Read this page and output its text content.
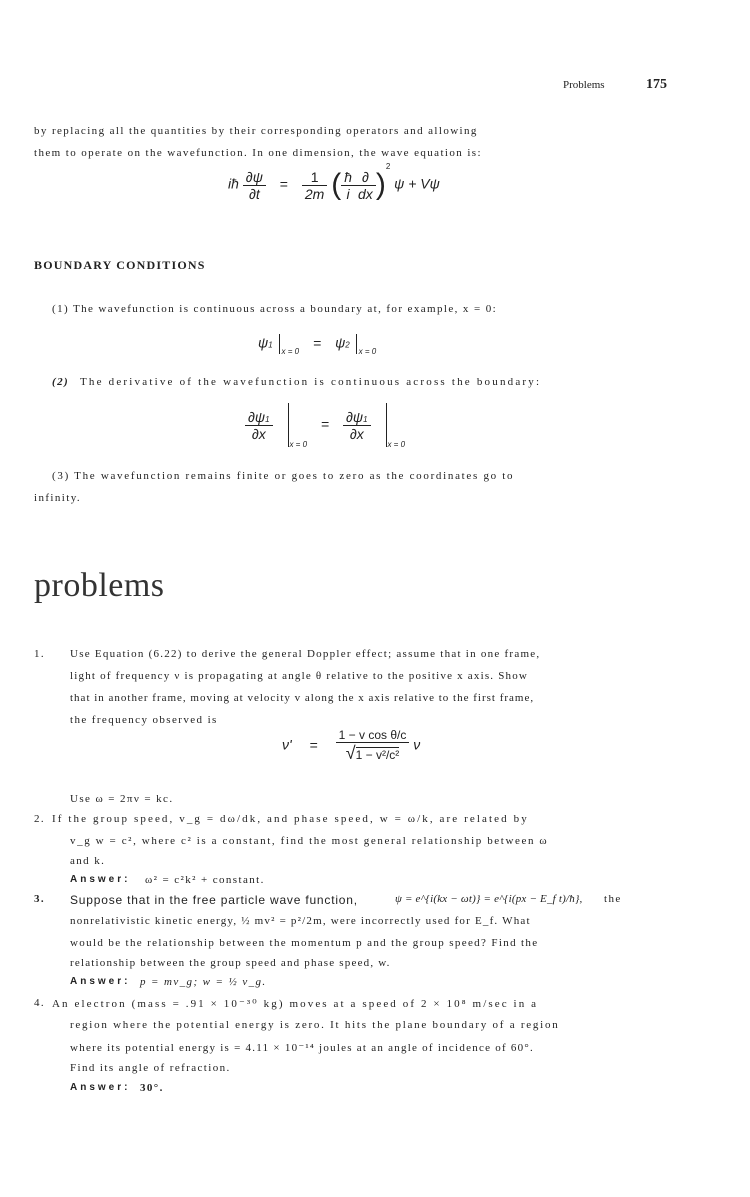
Problems	175
by replacing all the quantities by their corresponding operators and allowing
them to operate on the wavefunction. In one dimension, the wave equation is:
iħ $\frac{\partial\psi}{\partial t} = \frac{1}{2m}$ ( $\frac{ħ}{i} \frac{\partial}{dx} )^2$ ψ + Vψ
BOUNDARY CONDITIONS
(1) The wavefunction is continuous across a boundary at, for example, x = 0:
ψ1 $_{x = 0}$ = ψ2 $_{x = 0}$
(2) The derivative of the wavefunction is continuous across the boundary:
$\frac{\partial\psi 1}{\partial x}$
$_{x = 0} = \frac{\partial\psi 1}{\partial x}$
$_{x = 0}$
(3) The wavefunction remains finite or goes to zero as the coordinates go to
infinity.
problems
1. Use Equation (6.22) to derive the general Doppler effect; assume that in one frame,
light of frequency ν is propagating at angle θ relative to the positive x axis. Show
that in another frame, moving at velocity v along the x axis relative to the first frame,
the frequency observed is
$\nu' = \frac{\text{1 − v cos θ/c}}{\text{√1 − v²/c²}}$ ν
Use ω = 2πν = kc.
2. If the group speed, v_g = dω/dk, and phase speed, w = ω/k, are related by
v_g w = c², where c² is a constant, find the most general relationship between ω
and k.
Answer: ω² = c²k² + constant.
3. Suppose that in the free particle wave function,	ψ = e^{i(kx − ωt)} = e^{i(px − E_f t)/ħ}, the
nonrelativistic kinetic energy, ½ mv² = p²/2m, were incorrectly used for E_f. What
would be the relationship between the momentum p and the group speed? Find the
relationship between the group speed and phase speed, w.
Answer: p = mv_g; w = ½ v_g.
4. An electron (mass = .91 × 10⁻³⁰ kg) moves at a speed of 2 × 10⁸ m/sec in a
region where the potential energy is zero. It hits the plane boundary of a region
where its potential energy is = 4.11 × 10⁻¹⁴ joules at an angle of incidence of 60°.
Find its angle of refraction.
Answer: 30°.
